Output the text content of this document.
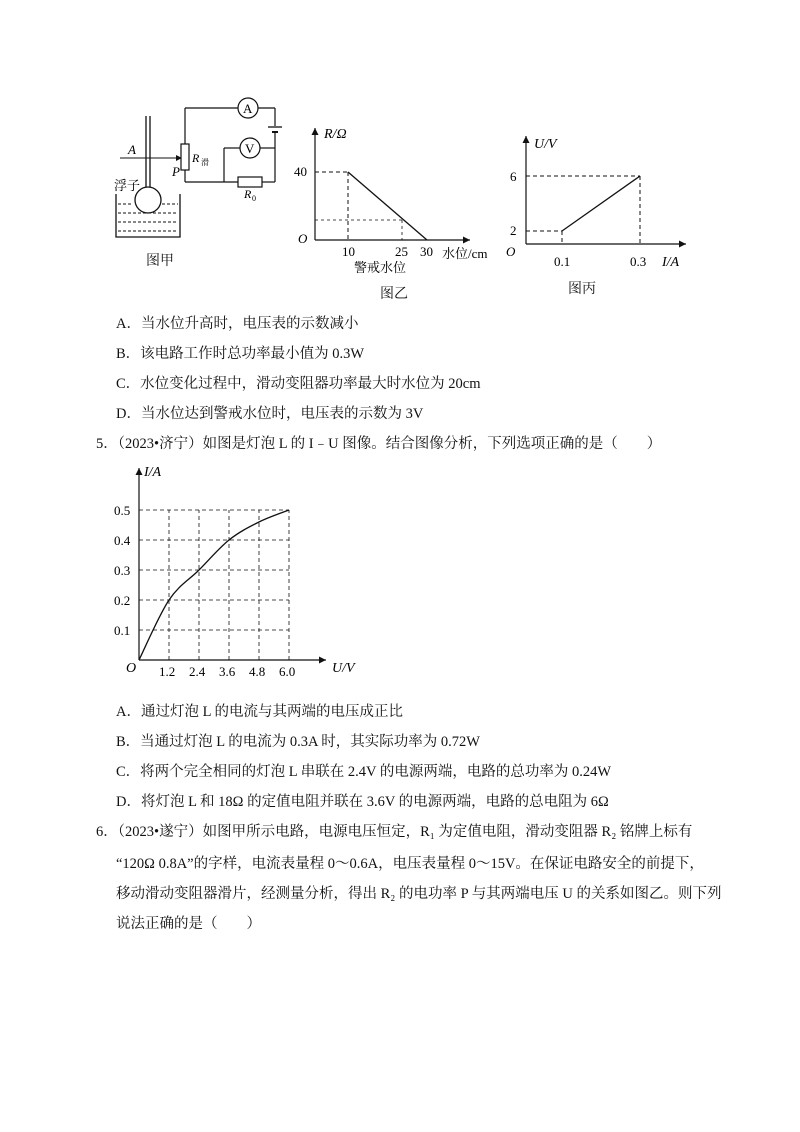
A
V
A
P
R 滑
R 0
浮子
图甲
R/Ω
40
O
10	25 30 水位/cm
警戒水位
图乙
U/V
6
2
O
0.1	0.3 I/A
图丙
A．当水位升高时，电压表的示数减小
B．该电路工作时总功率最小值为 0.3W
C．水位变化过程中，滑动变阻器功率最大时水位为 20cm
D．当水位达到警戒水位时，电压表的示数为 3V
5．（2023•济宁）如图是灯泡 L 的 I﹣U 图像。结合图像分析，下列选项正确的是（　　）
I/A
U/V
O
0.1
0.2
0.3
0.4
0.5
1.2 2.4 3.6 4.8 6.0
A．通过灯泡 L 的电流与其两端的电压成正比
B．当通过灯泡 L 的电流为 0.3A 时，其实际功率为 0.72W
C．将两个完全相同的灯泡 L 串联在 2.4V 的电源两端，电路的总功率为 0.24W
D．将灯泡 L 和 18Ω 的定值电阻并联在 3.6V 的电源两端，电路的总电阻为 6Ω
6．（2023•遂宁）如图甲所示电路，电源电压恒定，R₁ 为定值电阻，滑动变阻器 R₂ 铭牌上标有
“120Ω 0.8A”的字样，电流表量程 0～0.6A，电压表量程 0～15V。在保证电路安全的前提下，
移动滑动变阻器滑片，经测量分析，得出 R₂ 的电功率 P 与其两端电压 U 的关系如图乙。则下列
说法正确的是（　　）
